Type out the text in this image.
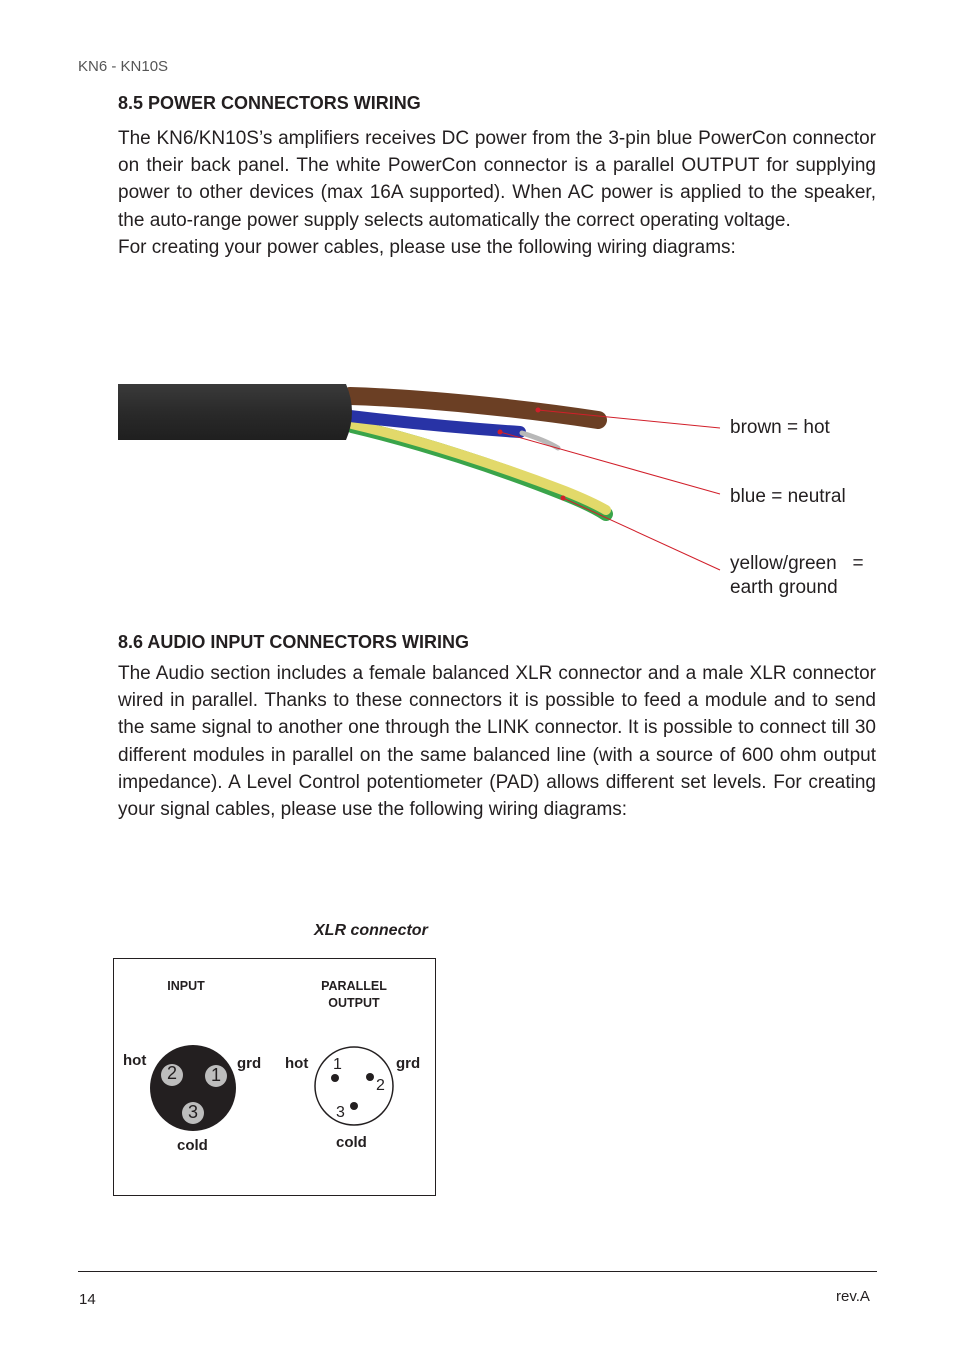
KN6 - KN10S
8.5 POWER CONNECTORS WIRING

The KN6/KN10S’s amplifiers receives DC power from the 3-pin blue PowerCon connector on their back panel. The white PowerCon connector is a parallel OUTPUT for supplying power to other devices (max 16A supported). When AC power is applied to the speaker, the auto-range power supply selects automatically the correct operating voltage.

For creating your power cables, please use the following wiring diagrams:

brown = hot
blue = neutral
yellow/green   =
earth ground
8.6 AUDIO INPUT CONNECTORS WIRING

The Audio section includes a female balanced XLR connector and a male XLR connector wired in parallel. Thanks to these connectors it is possible to feed a module and to send the same signal to another one through the LINK connector. It is possible to connect till 30 different modules in parallel on the same balanced line (with a source of 600 ohm output impedance). A Level Control potentiometer (PAD) allows different set levels. For creating your signal cables, please use the following wiring diagrams:

XLR connector
INPUT	PARALLEL
OUTPUT
2 1
3
hot	grd
cold
1
2
3
hot	grd
cold
14	rev.A
